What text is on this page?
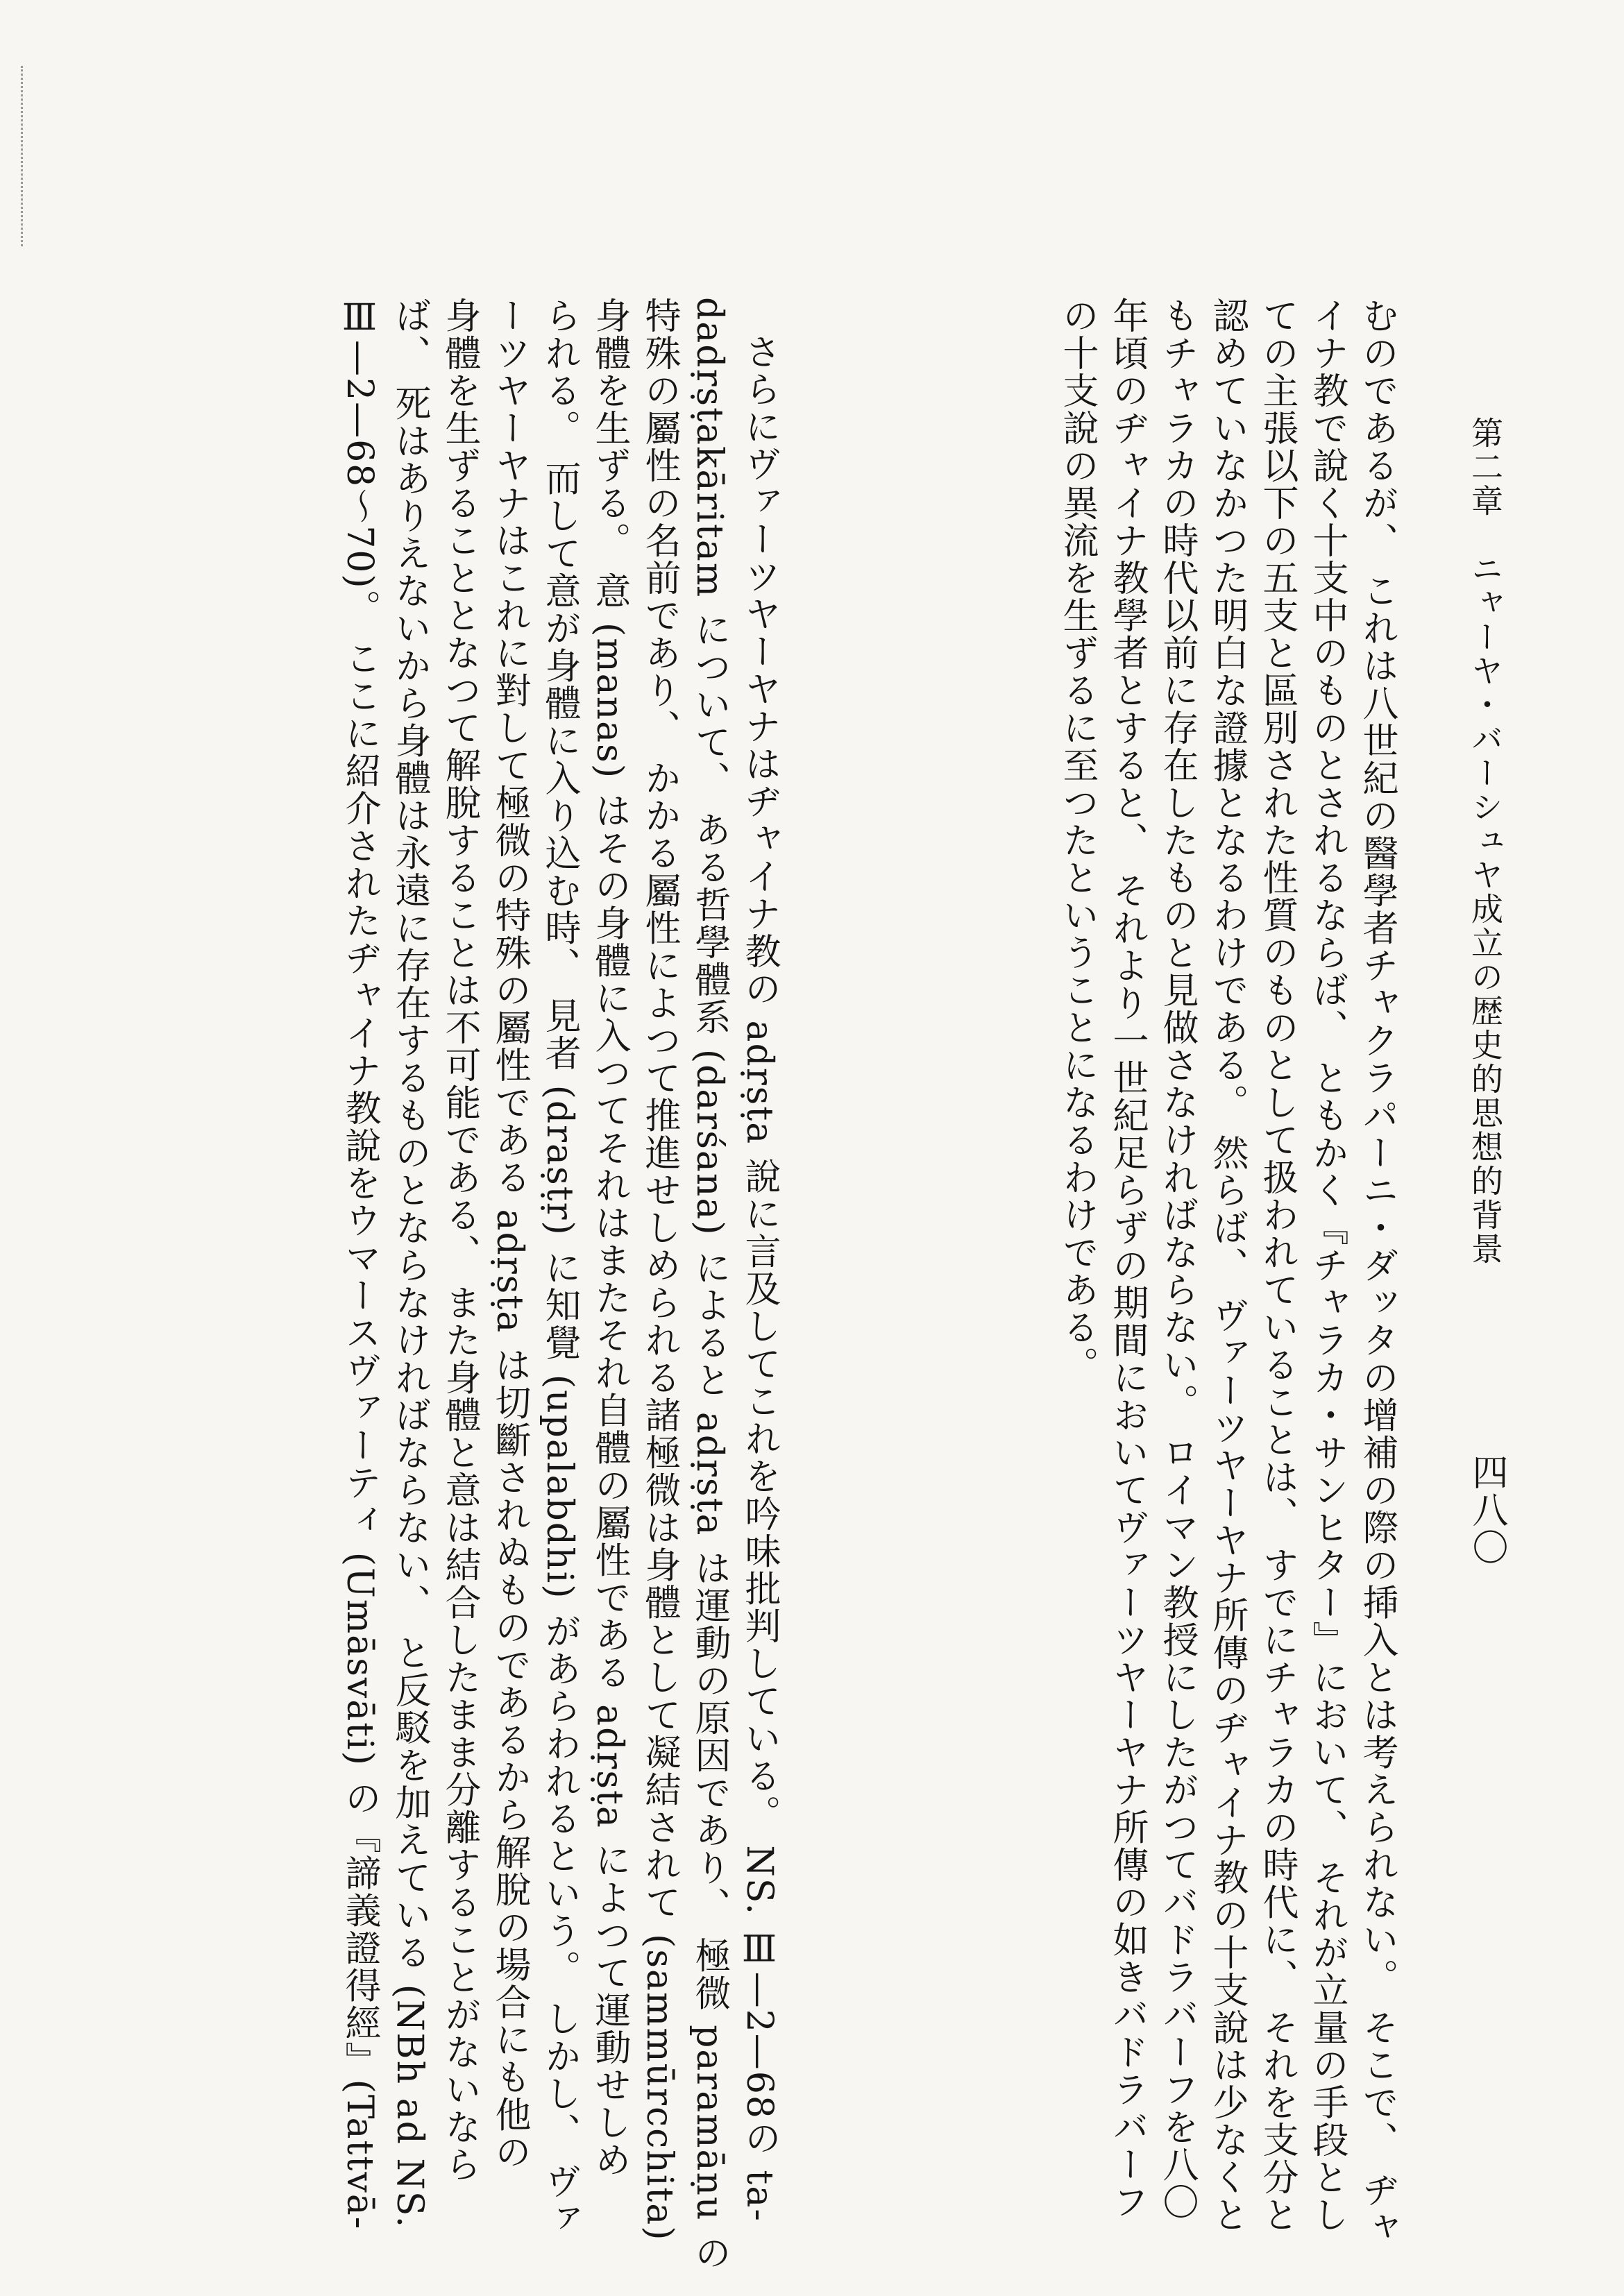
第二章　ニャーヤ・バーシュヤ成立の歴史的思想的背景
四八〇
むのであるが、 これは八世紀の醫學者チャクラパーニ・ダッタの增補の際の揷入とは考えられない。 そこで、 ヂャ
イナ教で說く十支中のものとされるならば、 ともかく『チャラカ・サンヒター』において、 それが立量の手段とし
ての主張以下の五支と區別された性質のものとして扱われていることは、 すでにチャラカの時代に、 それを支分と
認めていなかつた明白な證據となるわけである。 然らば、 ヴァーツヤーヤナ所傳のヂャイナ教の十支說は少なくと
もチャラカの時代以前に存在したものと見做さなければならない。 ロイマン教授にしたがつてバドラバーフを八〇
年頃のヂャイナ教學者とすると、 それより一世紀足らずの期間においてヴァーツヤーヤナ所傳の如きバドラバーフ
の十支說の異流を生ずるに至つたということになるわけである。
さらにヴァーツヤーヤナはヂャイナ教の adṛṣṭa 說に言及してこれを吟味批判している。 NS. Ⅲ—2—68の ta-
dadṛṣṭakāritam について、 ある哲學體系 (darśana) によると adṛṣṭa は運動の原因であり、 極微 paramāṇu の
特殊の屬性の名前であり、 かかる屬性によつて推進せしめられる諸極微は身體として凝結されて (sammūrcchita)
身體を生ずる。 意 (manas) はその身體に入つてそれはまたそれ自體の屬性である adṛṣṭa によつて運動せしめ
られる。 而して意が身體に入り込む時、 見者 (draṣṭṛ) に知覺 (upalabdhi) があらわれるという。 しかし、 ヴァ
ーツヤーヤナはこれに對して極微の特殊の屬性である adṛṣṭa は切斷されぬものであるから解脫の場合にも他の
身體を生ずることとなつて解脫することは不可能である、 また身體と意は結合したまま分離することがないなら
ば、 死はありえないから身體は永遠に存在するものとならなければならない、 と反駁を加えている (NBh ad NS.
Ⅲ—2—68～70)。 ここに紹介されたヂャイナ教說をウマースヴァーティ (Umāsvāti) の『諦義證得經』(Tattvā-
